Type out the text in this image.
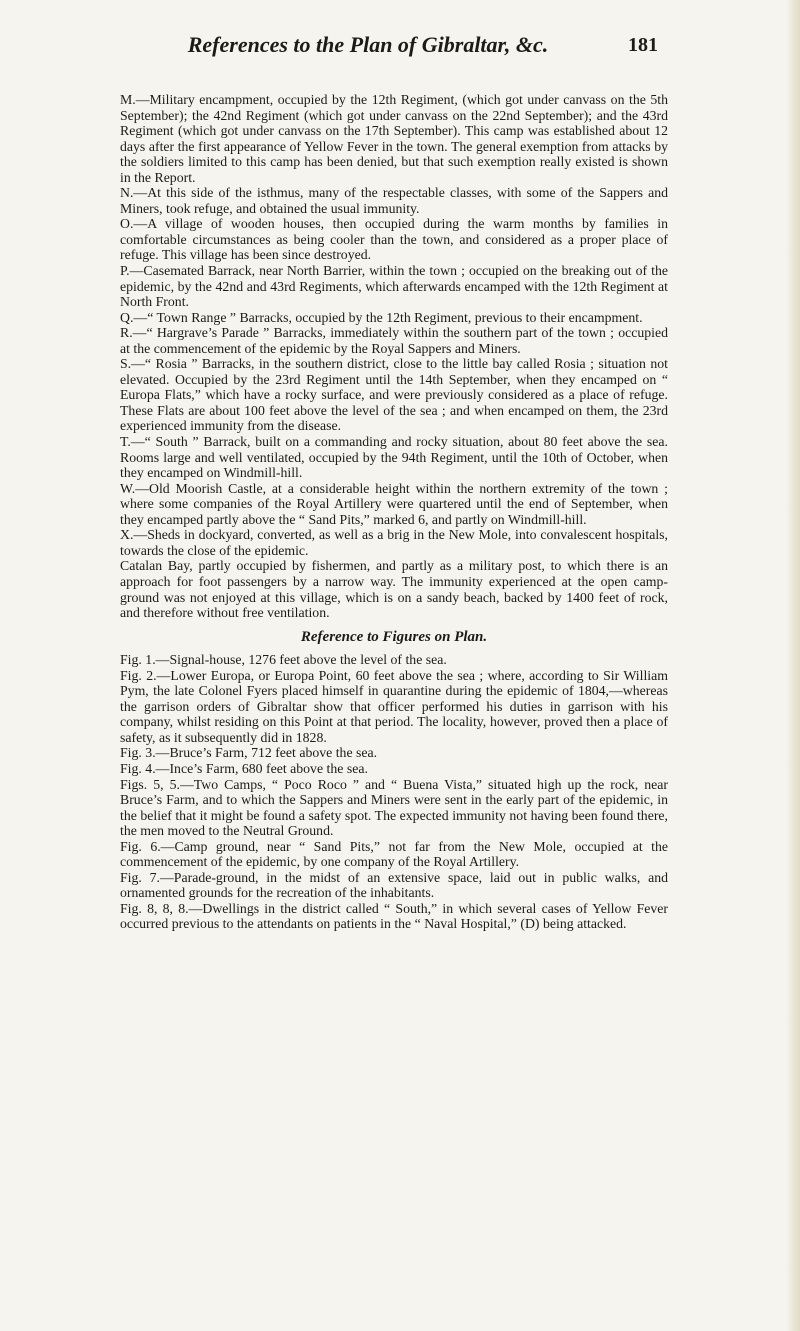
References to the Plan of Gibraltar, &c.	181

M.—Military encampment, occupied by the 12th Regiment, (which got under canvass on the 5th September); the 42nd Regiment (which got under canvass on the 22nd September); and the 43rd Regiment (which got under canvass on the 17th September). This camp was established about 12 days after the first appearance of Yellow Fever in the town. The general exemption from attacks by the soldiers limited to this camp has been denied, but that such exemption really existed is shown in the Report.

N.—At this side of the isthmus, many of the respectable classes, with some of the Sappers and Miners, took refuge, and obtained the usual immunity.

O.—A village of wooden houses, then occupied during the warm months by families in comfortable circumstances as being cooler than the town, and considered as a proper place of refuge. This village has been since destroyed.

P.—Casemated Barrack, near North Barrier, within the town ; occupied on the breaking out of the epidemic, by the 42nd and 43rd Regiments, which afterwards encamped with the 12th Regiment at North Front.

Q.—“ Town Range ” Barracks, occupied by the 12th Regiment, previous to their encampment.

R.—“ Hargrave’s Parade ” Barracks, immediately within the southern part of the town ; occupied at the commencement of the epidemic by the Royal Sappers and Miners.

S.—“ Rosia ” Barracks, in the southern district, close to the little bay called Rosia ; situation not elevated. Occupied by the 23rd Regiment until the 14th September, when they encamped on “ Europa Flats,” which have a rocky surface, and were previously considered as a place of refuge. These Flats are about 100 feet above the level of the sea ; and when encamped on them, the 23rd experienced immunity from the disease.

T.—“ South ” Barrack, built on a commanding and rocky situation, about 80 feet above the sea. Rooms large and well ventilated, occupied by the 94th Regiment, until the 10th of October, when they encamped on Windmill-hill.

W.—Old Moorish Castle, at a considerable height within the northern extremity of the town ; where some companies of the Royal Artillery were quartered until the end of September, when they encamped partly above the “ Sand Pits,” marked 6, and partly on Windmill-hill.

X.—Sheds in dockyard, converted, as well as a brig in the New Mole, into convalescent hospitals, towards the close of the epidemic.

Catalan Bay, partly occupied by fishermen, and partly as a military post, to which there is an approach for foot passengers by a narrow way. The immunity experienced at the open camp-ground was not enjoyed at this village, which is on a sandy beach, backed by 1400 feet of rock, and therefore without free ventilation.

Reference to Figures on Plan.

Fig. 1.—Signal-house, 1276 feet above the level of the sea.

Fig. 2.—Lower Europa, or Europa Point, 60 feet above the sea ; where, according to Sir William Pym, the late Colonel Fyers placed himself in quarantine during the epidemic of 1804,—whereas the garrison orders of Gibraltar show that officer performed his duties in garrison with his company, whilst residing on this Point at that period. The locality, however, proved then a place of safety, as it subsequently did in 1828.

Fig. 3.—Bruce’s Farm, 712 feet above the sea.

Fig. 4.—Ince’s Farm, 680 feet above the sea.

Figs. 5, 5.—Two Camps, “ Poco Roco ” and “ Buena Vista,” situated high up the rock, near Bruce’s Farm, and to which the Sappers and Miners were sent in the early part of the epidemic, in the belief that it might be found a safety spot. The expected immunity not having been found there, the men moved to the Neutral Ground.

Fig. 6.—Camp ground, near “ Sand Pits,” not far from the New Mole, occupied at the commencement of the epidemic, by one company of the Royal Artillery.

Fig. 7.—Parade-ground, in the midst of an extensive space, laid out in public walks, and ornamented grounds for the recreation of the inhabitants.

Fig. 8, 8, 8.—Dwellings in the district called “ South,” in which several cases of Yellow Fever occurred previous to the attendants on patients in the “ Naval Hospital,” (D) being attacked.
